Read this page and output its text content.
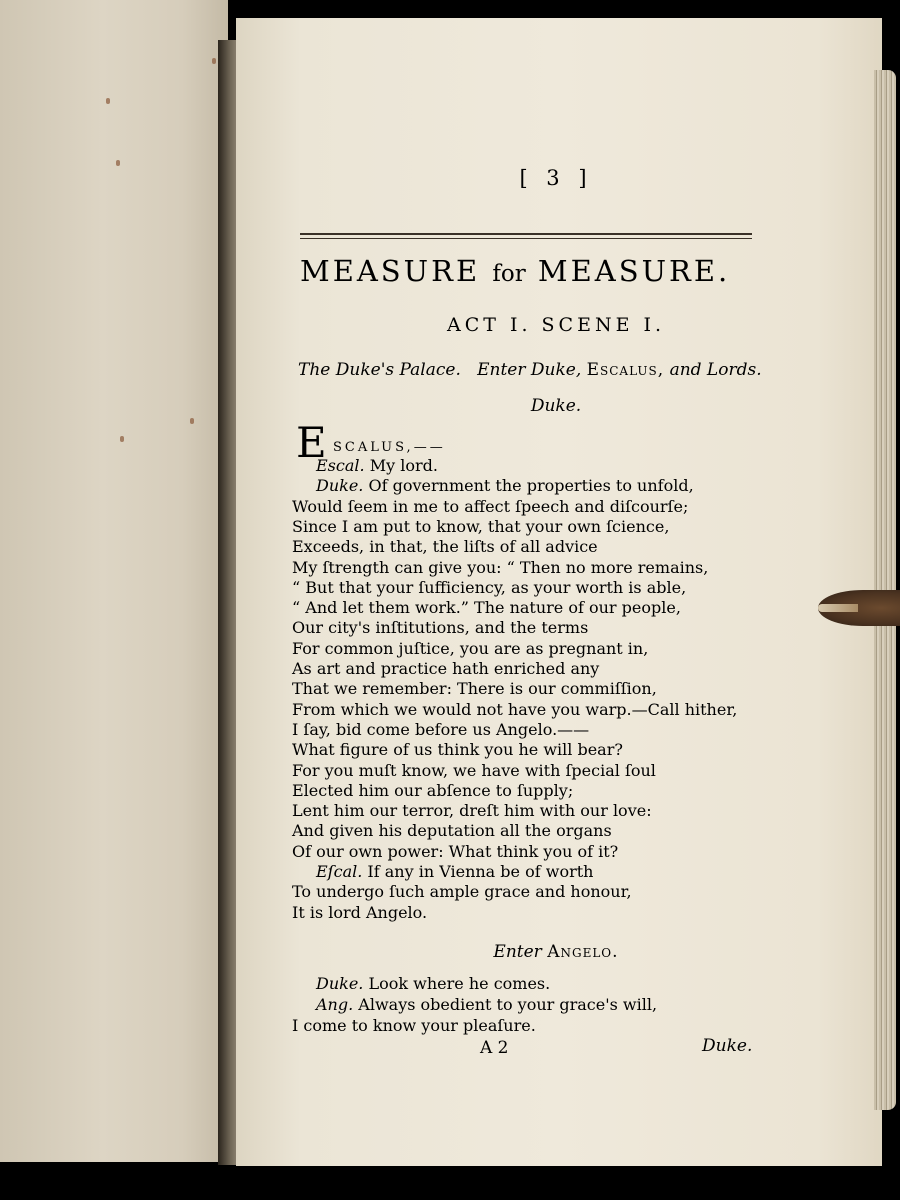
[ 3 ]
MEASURE for MEASURE.
ACT I. SCENE I.
The Duke's Palace. Enter Duke, Escalus, and Lords.
Duke.
E SCALUS,——
Escal. My lord.
Duke. Of government the properties to unfold,
Would ſeem in me to affect ſpeech and diſcourſe;
Since I am put to know, that your own ſcience,
Exceeds, in that, the liſts of all advice
My ſtrength can give you: “ Then no more remains,
“ But that your ſufficiency, as your worth is able,
“ And let them work.” The nature of our people,
Our city's inſtitutions, and the terms
For common juſtice, you are as pregnant in,
As art and practice hath enriched any
That we remember: There is our commiſſion,
From which we would not have you warp.—Call hither,
I ſay, bid come before us Angelo.——
What figure of us think you he will bear?
For you muſt know, we have with ſpecial ſoul
Elected him our abſence to ſupply;
Lent him our terror, dreſt him with our love:
And given his deputation all the organs
Of our own power: What think you of it?
Eſcal. If any in Vienna be of worth
To undergo ſuch ample grace and honour,
It is lord Angelo.
Enter Angelo.
Duke. Look where he comes.
Ang. Always obedient to your grace's will,
I come to know your pleaſure.
A 2	Duke.
